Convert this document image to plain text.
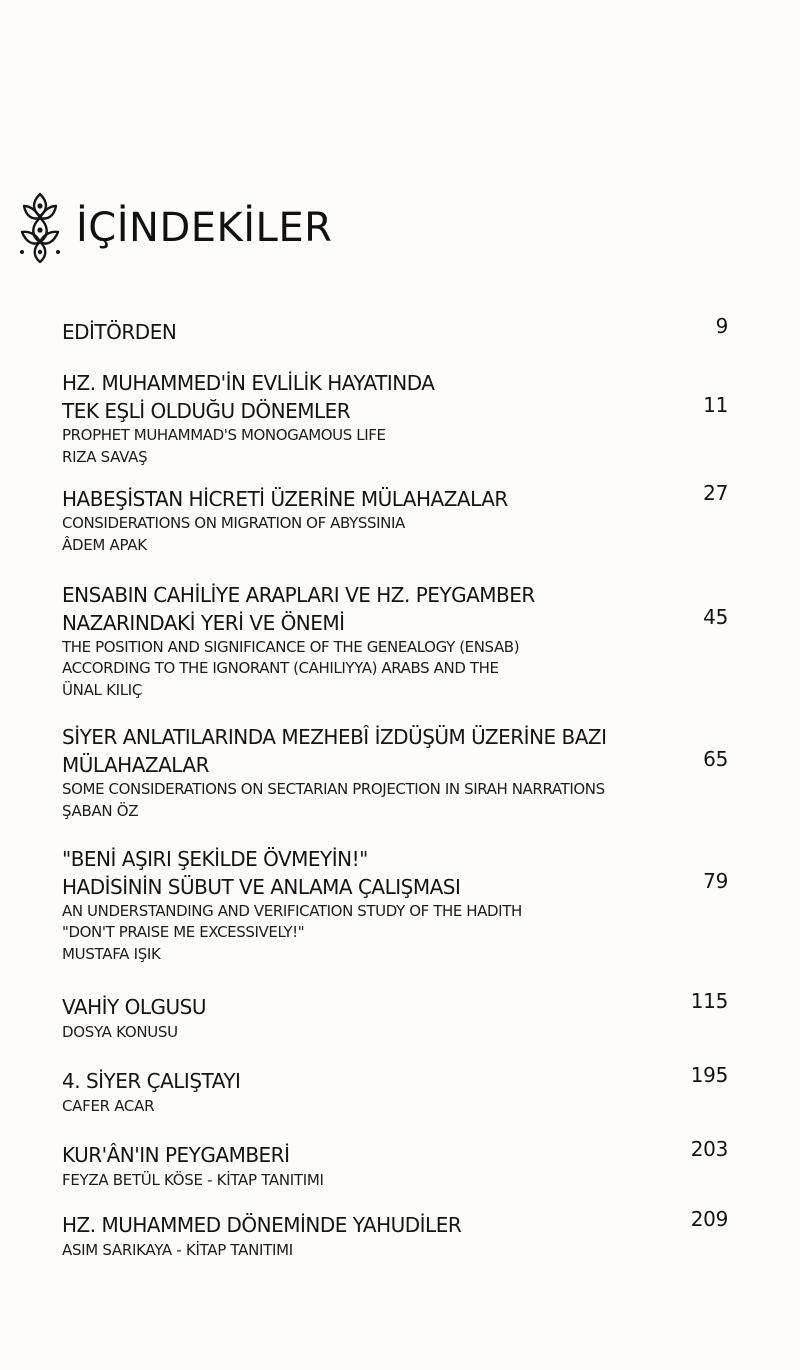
İÇİNDEKİLER
EDİTÖRDEN	9
HZ. MUHAMMED'İN EVLİLİK HAYATINDA
TEK EŞLİ OLDUĞU DÖNEMLER
PROPHET MUHAMMAD'S MONOGAMOUS LIFE
RIZA SAVAŞ
11
HABEŞİSTAN HİCRETİ ÜZERİNE MÜLAHAZALAR
CONSIDERATIONS ON MIGRATION OF ABYSSINIA
ÂDEM APAK
27
ENSABIN CAHİLİYE ARAPLARI VE HZ. PEYGAMBER
NAZARINDAKİ YERİ VE ÖNEMİ
THE POSITION AND SIGNIFICANCE OF THE GENEALOGY (ENSAB)
ACCORDING TO THE IGNORANT (CAHILIYYA) ARABS AND THE
ÜNAL KILIÇ
45
SİYER ANLATILARINDA MEZHEBÎ İZDÜŞÜM ÜZERİNE BAZI
MÜLAHAZALAR
SOME CONSIDERATIONS ON SECTARIAN PROJECTION IN SIRAH NARRATIONS
ŞABAN ÖZ
65
"BENİ AŞIRI ŞEKİLDE ÖVMEYİN!"
HADİSİNİN SÜBUT VE ANLAMA ÇALIŞMASI
AN UNDERSTANDING AND VERIFICATION STUDY OF THE HADITH
"DON'T PRAISE ME EXCESSIVELY!"
MUSTAFA IŞIK
79
VAHİY OLGUSU
DOSYA KONUSU
115
4. SİYER ÇALIŞTAYI
CAFER ACAR
195
KUR'ÂN'IN PEYGAMBERİ
FEYZA BETÜL KÖSE - KİTAP TANITIMI
203
HZ. MUHAMMED DÖNEMİNDE YAHUDİLER
ASIM SARIKAYA - KİTAP TANITIMI
209
